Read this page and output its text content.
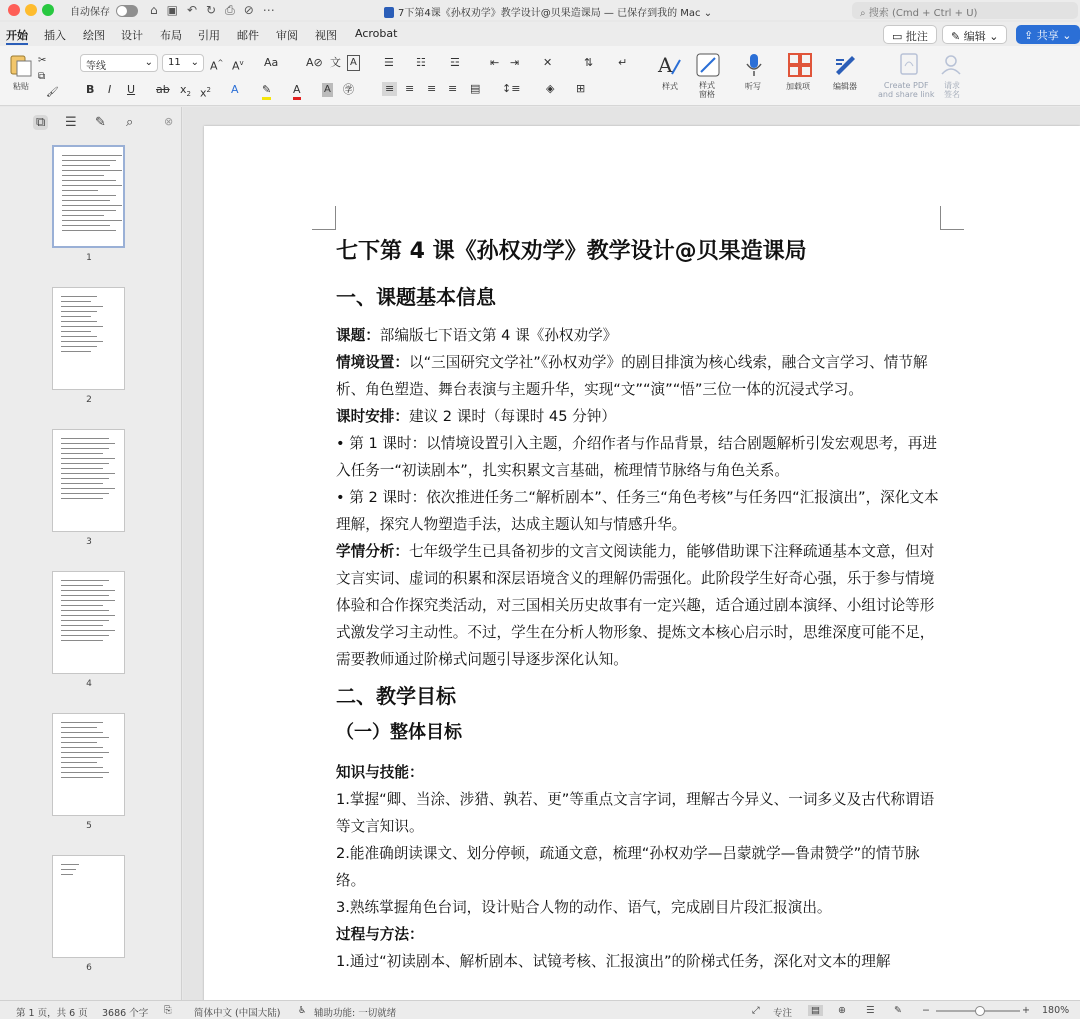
自动保存	⌂ ▣ ↶ ↻ ⎙ ⊘ ⋯	7下第4课《孙权劝学》教学设计@贝果造课局 — 已保存到我的 Mac ⌄	⌕ 搜索 (Cmd + Ctrl + U)
开始 插入 绘图 设计 布局 引用 邮件 审阅 视图 Acrobat	▭ 批注	✎ 编辑 ⌄	⇪ 共享 ⌄
粘贴
✂
⧉
🖌
等线	⌄	11 ⌄ A^ $A^v$ Aa	A⊘ 文 A
B I U ab $x_2$ $x^2$ A ✎ A A ㊫
☰ ☷ ☲	⇤ ⇥ ✕	⇅ ↵
≡ ≡ ≡ ≡ ▤ ↕≡ ◈ ⊞
A
样式	样式
窗格
听写	加载项	编辑器	Create PDF
and share link
请求
签名
⧉ ☰ ✎ ⌕	⊗
1
2
3
4
5
6
七下第 4 课《孙权劝学》教学设计@贝果造课局
一、课题基本信息

课题：部编版七下语文第 4 课《孙权劝学》

情境设置：以“三国研究文学社”《孙权劝学》的剧目排演为核心线索，融合文言学习、情节解析、角色塑造、舞台表演与主题升华，实现“文”“演”“悟”三位一体的沉浸式学习。

课时安排：建议 2 课时（每课时 45 分钟）

• 第 1 课时：以情境设置引入主题，介绍作者与作品背景，结合剧题解析引发宏观思考，再进入任务一“初读剧本”，扎实积累文言基础，梳理情节脉络与角色关系。

• 第 2 课时：依次推进任务二“解析剧本”、任务三“角色考核”与任务四“汇报演出”，深化文本理解，探究人物塑造手法，达成主题认知与情感升华。

学情分析：七年级学生已具备初步的文言文阅读能力，能够借助课下注释疏通基本文意，但对文言实词、虚词的积累和深层语境含义的理解仍需强化。此阶段学生好奇心强，乐于参与情境体验和合作探究类活动，对三国相关历史故事有一定兴趣，适合通过剧本演绎、小组讨论等形式激发学习主动性。不过，学生在分析人物形象、提炼文本核心启示时，思维深度可能不足，需要教师通过阶梯式问题引导逐步深化认知。

二、教学目标
（一）整体目标

知识与技能：

1.掌握“卿、当涂、涉猎、孰若、更”等重点文言字词，理解古今异义、一词多义及古代称谓语等文言知识。

2.能准确朗读课文、划分停顿，疏通文意，梳理“孙权劝学—吕蒙就学—鲁肃赞学”的情节脉络。

3.熟练掌握角色台词，设计贴合人物的动作、语气，完成剧目片段汇报演出。

过程与方法：

1.通过“初读剧本、解析剧本、试镜考核、汇报演出”的阶梯式任务，深化对文本的理解

第 1 页，共 6 页 3686 个字 ⎘ 简体中文 (中国大陆) ♿ 辅助功能: 一切就绪	⤢ 专注	▤	⊕ ☰ ✎ −	+ 180%
